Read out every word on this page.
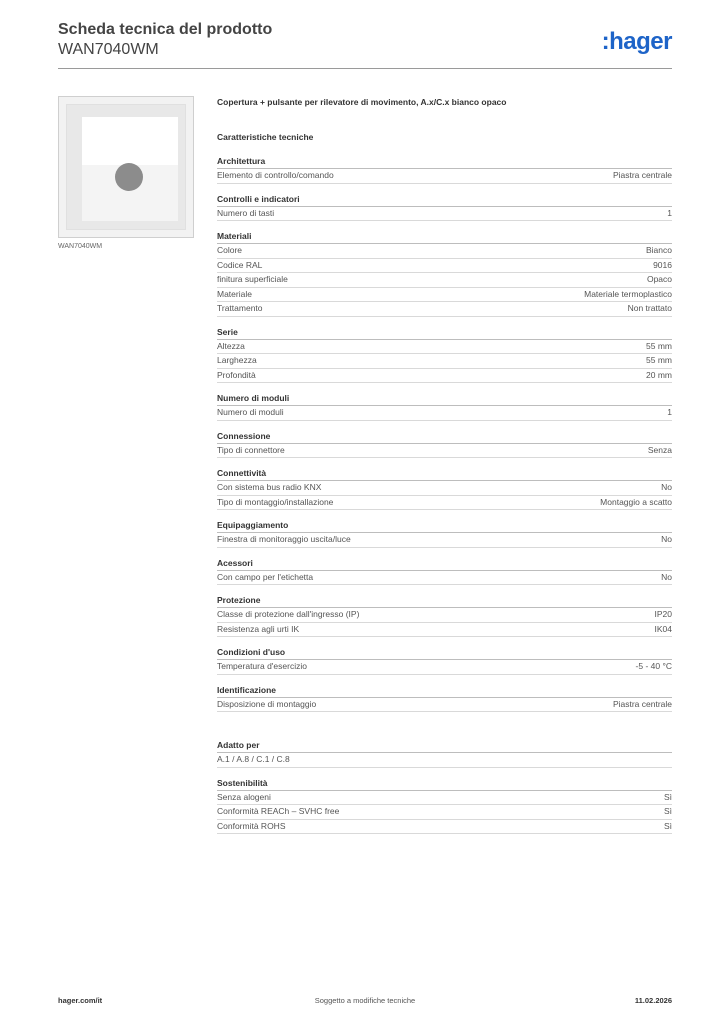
Scheda tecnica del prodotto

WAN7040WM	:hager
WAN7040WM

Copertura + pulsante per rilevatore di movimento, A.x/C.x bianco opaco

Caratteristiche tecniche

Architettura
Elemento di controllo/comando	Piastra centrale
Controlli e indicatori
Numero di tasti	1
Materiali
Colore	Bianco
Codice RAL	9016
finitura superficiale	Opaco
Materiale	Materiale termoplastico
Trattamento	Non trattato
Serie
Altezza	55 mm
Larghezza	55 mm
Profondità	20 mm
Numero di moduli
Numero di moduli	1
Connessione
Tipo di connettore	Senza
Connettività
Con sistema bus radio KNX	No
Tipo di montaggio/installazione	Montaggio a scatto
Equipaggiamento
Finestra di monitoraggio uscita/luce	No
Acessori
Con campo per l'etichetta	No
Protezione
Classe di protezione dall'ingresso (IP)	IP20
Resistenza agli urti IK	IK04
Condizioni d'uso
Temperatura d'esercizio	-5 - 40 °C
Identificazione
Disposizione di montaggio	Piastra centrale
Adatto per
A.1 / A.8 / C.1 / C.8
Sostenibilità
Senza alogeni	Sì
Conformità REACh – SVHC free	Sì
Conformità ROHS	Sì
hager.com/it	Soggetto a modifiche tecniche	11.02.2026
